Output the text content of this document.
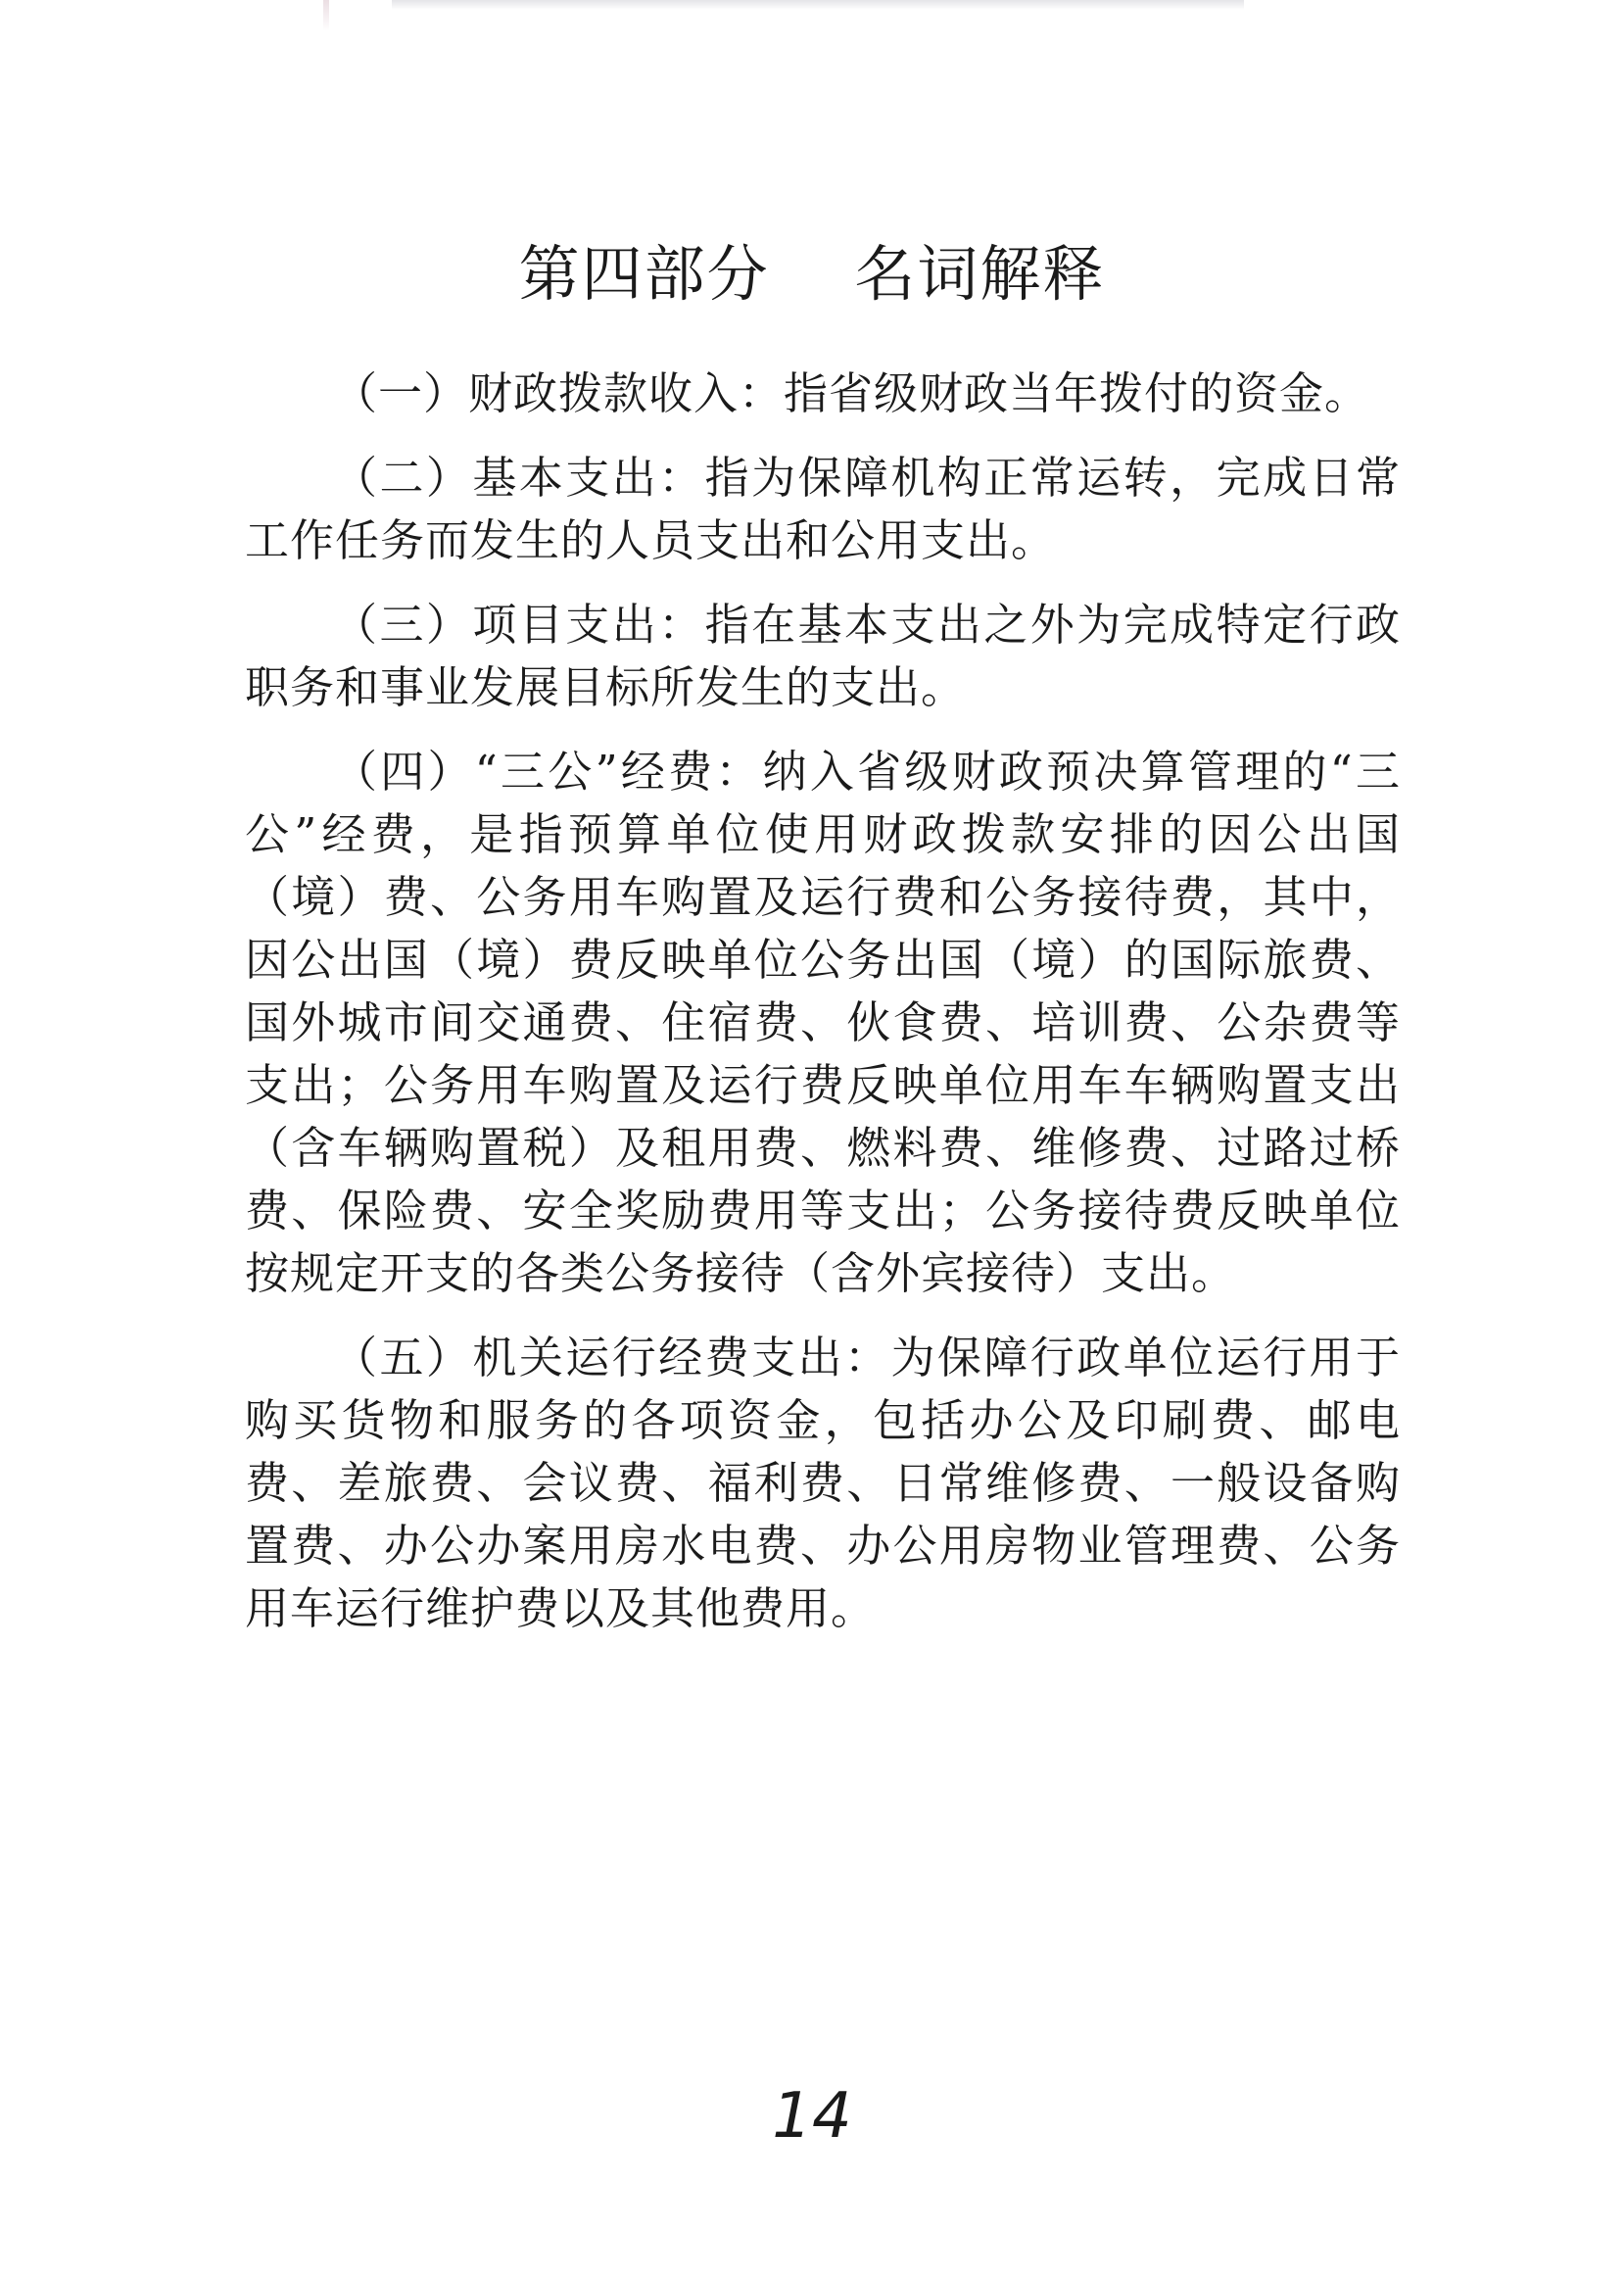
第四部分    名词解释

（一）财政拨款收入：指省级财政当年拨付的资金。

（二）基本支出：指为保障机构正常运转，完成日常工作任务而发生的人员支出和公用支出。

（三）项目支出：指在基本支出之外为完成特定行政职务和事业发展目标所发生的支出。

（四）“三公”经费：纳入省级财政预决算管理的“三公”经费，是指预算单位使用财政拨款安排的因公出国（境）费、公务用车购置及运行费和公务接待费，其中，因公出国（境）费反映单位公务出国（境）的国际旅费、国外城市间交通费、住宿费、伙食费、培训费、公杂费等支出；公务用车购置及运行费反映单位用车车辆购置支出（含车辆购置税）及租用费、燃料费、维修费、过路过桥费、保险费、安全奖励费用等支出；公务接待费反映单位按规定开支的各类公务接待（含外宾接待）支出。

（五）机关运行经费支出：为保障行政单位运行用于购买货物和服务的各项资金，包括办公及印刷费、邮电费、差旅费、会议费、福利费、日常维修费、一般设备购置费、办公办案用房水电费、办公用房物业管理费、公务用车运行维护费以及其他费用。

14
